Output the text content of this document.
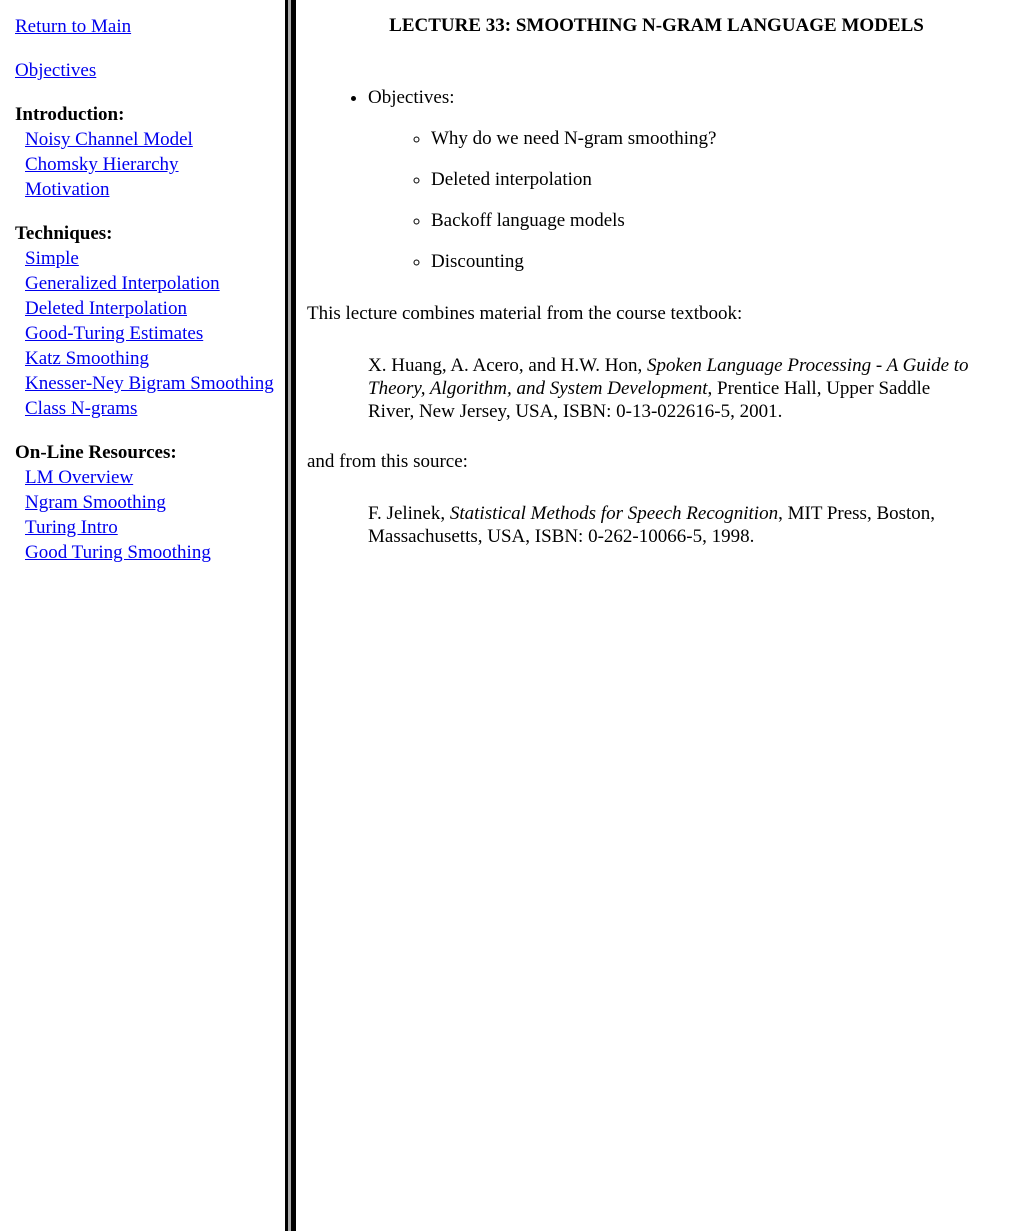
Return to Main
Objectives
Introduction:
Noisy Channel Model
Chomsky Hierarchy
Motivation
Techniques:
Simple
Generalized Interpolation
Deleted Interpolation
Good-Turing Estimates
Katz Smoothing
Knesser-Ney Bigram Smoothing
Class N-grams
On-Line Resources:
LM Overview
Ngram Smoothing
Turing Intro
Good Turing Smoothing
LECTURE 33: SMOOTHING N-GRAM LANGUAGE MODELS
• Objectives:
◦ Why do we need N-gram smoothing?
◦ Deleted interpolation
◦ Backoff language models
◦ Discounting

This lecture combines material from the course textbook:

X. Huang, A. Acero, and H.W. Hon, Spoken Language Processing - A Guide to Theory, Algorithm, and System Development, Prentice Hall, Upper Saddle River, New Jersey, USA, ISBN: 0-13-022616-5, 2001.

and from this source:

F. Jelinek, Statistical Methods for Speech Recognition, MIT Press, Boston, Massachusetts, USA, ISBN: 0-262-10066-5, 1998.
